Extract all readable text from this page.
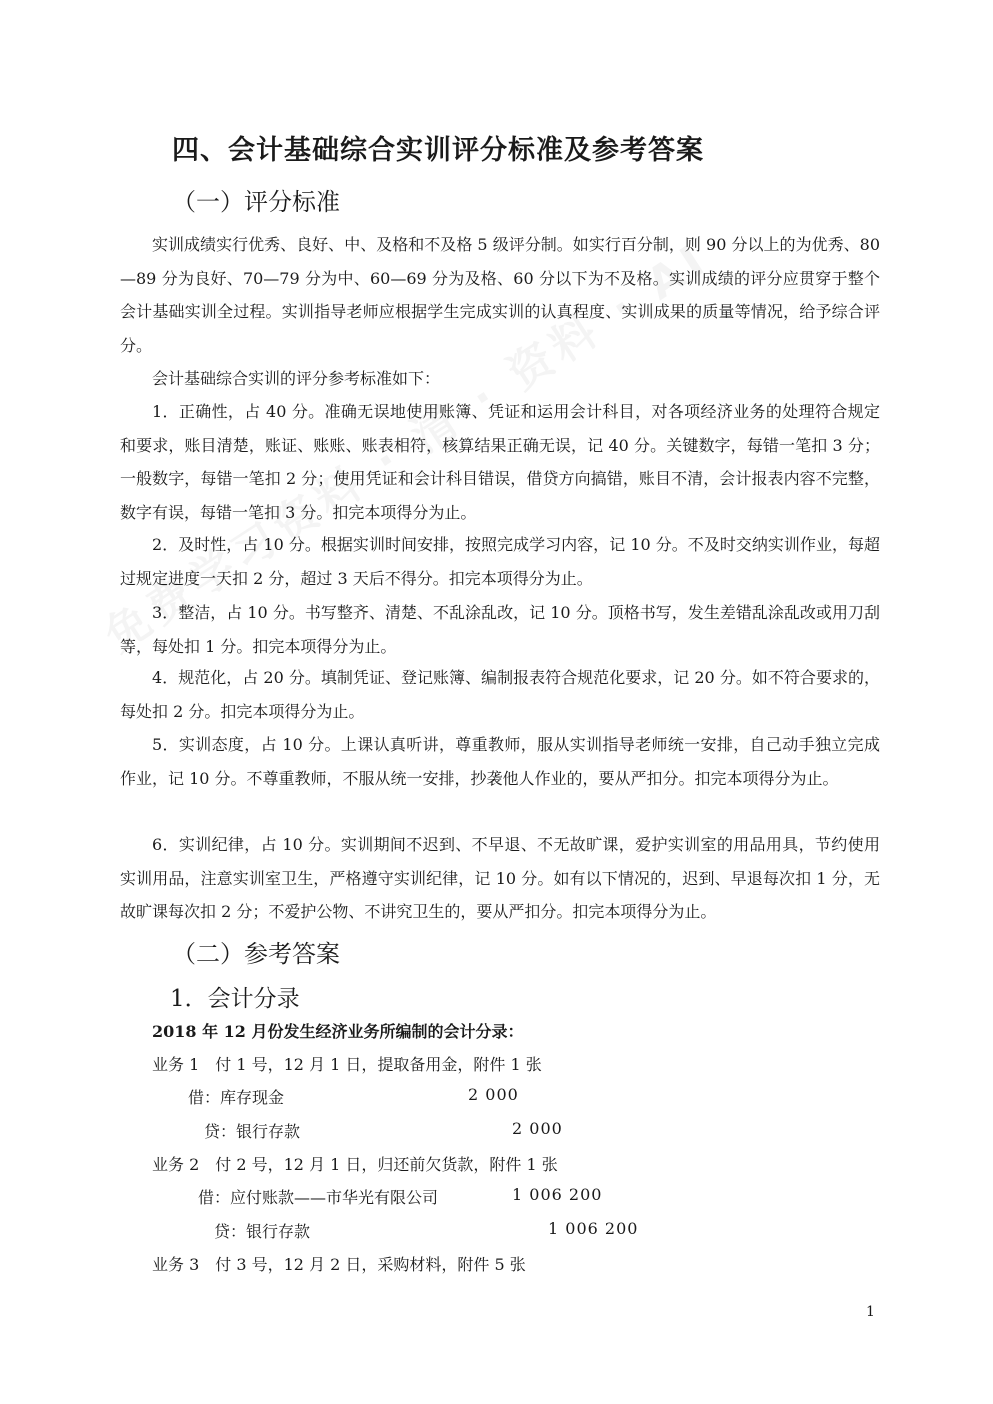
四、会计基础综合实训评分标准及参考答案
（一）评分标准

实训成绩实行优秀、良好、中、及格和不及格 5 级评分制。如实行百分制，则 90 分以上的为优秀、80—89 分为良好、70—79 分为中、60—69 分为及格、60 分以下为不及格。实训成绩的评分应贯穿于整个会计基础实训全过程。实训指导老师应根据学生完成实训的认真程度、实训成果的质量等情况，给予综合评分。

会计基础综合实训的评分参考标准如下：

1．正确性，占 40 分。准确无误地使用账簿、凭证和运用会计科目，对各项经济业务的处理符合规定和要求，账目清楚，账证、账账、账表相符，核算结果正确无误，记 40 分。关键数字，每错一笔扣 3 分；一般数字，每错一笔扣 2 分；使用凭证和会计科目错误，借贷方向搞错，账目不清，会计报表内容不完整，数字有误，每错一笔扣 3 分。扣完本项得分为止。

2．及时性，占 10 分。根据实训时间安排，按照完成学习内容，记 10 分。不及时交纳实训作业，每超过规定进度一天扣 2 分，超过 3 天后不得分。扣完本项得分为止。

3．整洁，占 10 分。书写整齐、清楚、不乱涂乱改，记 10 分。顶格书写，发生差错乱涂乱改或用刀刮等，每处扣 1 分。扣完本项得分为止。

4．规范化，占 20 分。填制凭证、登记账簿、编制报表符合规范化要求，记 20 分。如不符合要求的，每处扣 2 分。扣完本项得分为止。

5．实训态度，占 10 分。上课认真听讲，尊重教师，服从实训指导老师统一安排，自己动手独立完成作业，记 10 分。不尊重教师，不服从统一安排，抄袭他人作业的，要从严扣分。扣完本项得分为止。

6．实训纪律，占 10 分。实训期间不迟到、不早退、不无故旷课，爱护实训室的用品用具，节约使用实训用品，注意实训室卫生，严格遵守实训纪律，记 10 分。如有以下情况的，迟到、早退每次扣 1 分，无故旷课每次扣 2 分；不爱护公物、不讲究卫生的，要从严扣分。扣完本项得分为止。

（二）参考答案
1．会计分录
2018 年 12 月份发生经济业务所编制的会计分录：
业务 1　付 1 号，12 月 1 日，提取备用金，附件 1 张
借：库存现金	2 000
贷：银行存款	2 000
业务 2　付 2 号，12 月 1 日，归还前欠货款，附件 1 张
借：应付账款——市华光有限公司	1 006 200
贷：银行存款	1 006 200
业务 3　付 3 号，12 月 2 日，采购材料，附件 5 张
1
